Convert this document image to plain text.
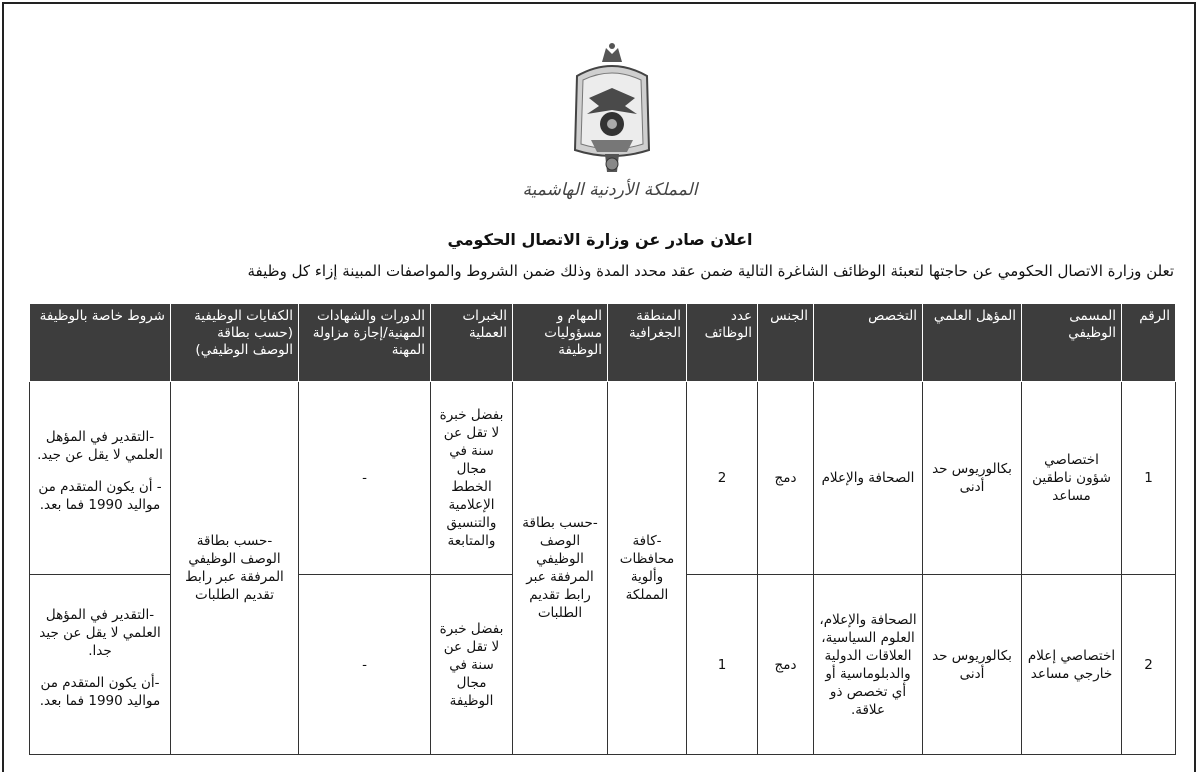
المملكة الأردنية الهاشمية
اعلان صادر عن وزارة الاتصال الحكومي
تعلن وزارة الاتصال الحكومي عن حاجتها لتعبئة الوظائف الشاغرة التالية ضمن عقد محدد المدة وذلك ضمن الشروط والمواصفات المبينة إزاء كل وظيفة
الرقم	المسمى الوظيفي	المؤهل العلمي	التخصص	الجنس	عدد الوظائف	المنطقة الجغرافية	المهام و مسؤوليات الوظيفة	الخبرات العملية	الدورات والشهادات المهنية/إجازة مزاولة المهنة	الكفايات الوظيفية (حسب بطاقة الوصف الوظيفي)	شروط خاصة بالوظيفة
1	اختصاصي شؤون ناطقين مساعد	بكالوريوس حد أدنى	الصحافة والإعلام	دمج	2	-كافة محافظات وألوية المملكة	-حسب بطاقة الوصف الوظيفي المرفقة عبر رابط تقديم الطلبات	بفضل خبرة لا تقل عن سنة في مجال الخطط الإعلامية والتنسيق والمتابعة	-	-حسب بطاقة الوصف الوظيفي المرفقة عبر رابط تقديم الطلبات	-التقدير في المؤهل العلمي لا يقل عن جيد.

- أن يكون المتقدم من مواليد 1990 فما بعد.

2	اختصاصي إعلام خارجي مساعد	بكالوريوس حد أدنى	الصحافة والإعلام، العلوم السياسية، العلاقات الدولية والدبلوماسية أو أي تخصص ذو علاقة.	دمج	1			بفضل خبرة لا تقل عن سنة في مجال الوظيفة	-		-التقدير في المؤهل العلمي لا يقل عن جيد جدا.

-أن يكون المتقدم من مواليد 1990 فما بعد.
